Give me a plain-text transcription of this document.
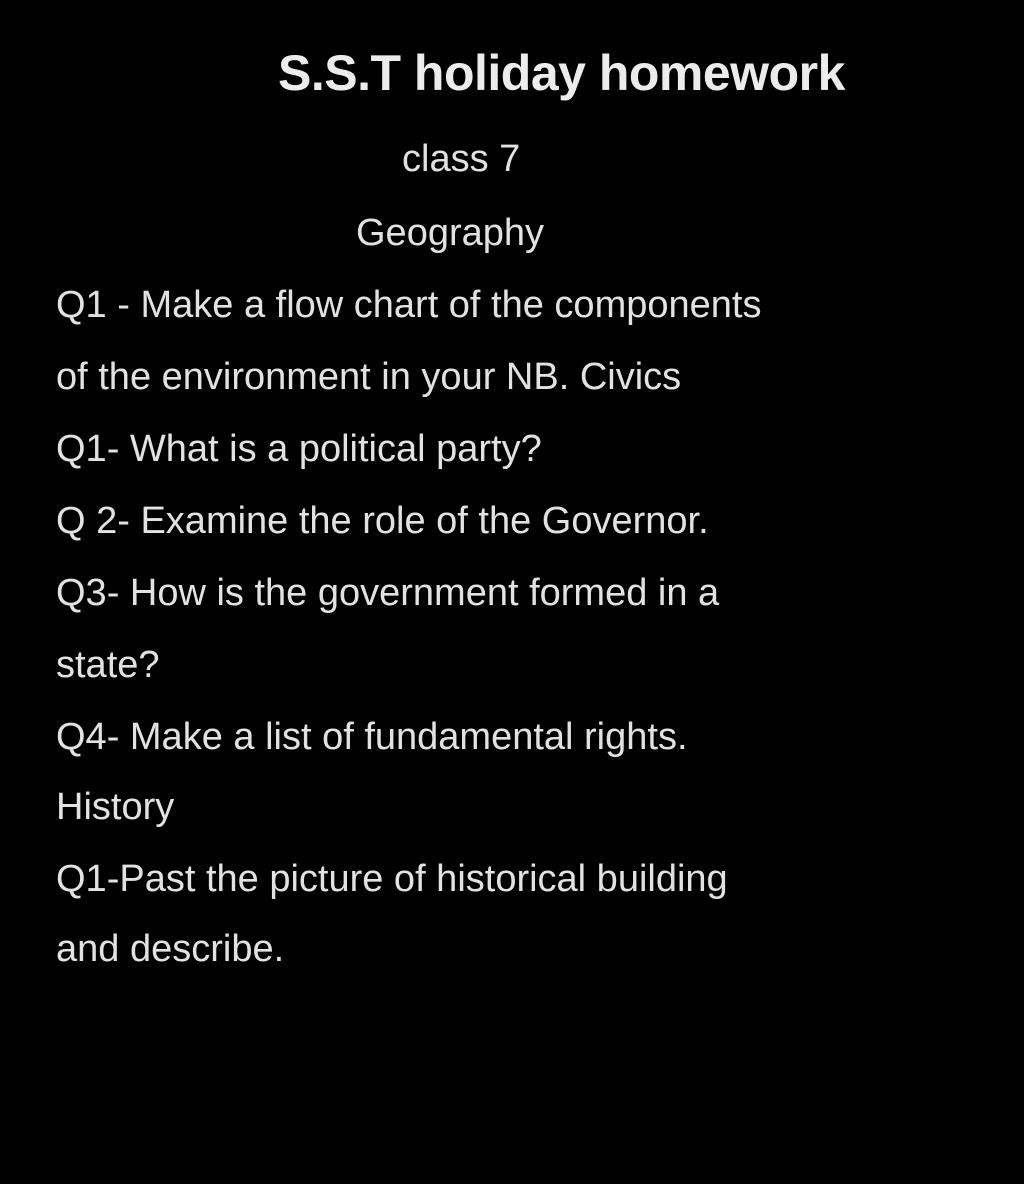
S.S.T holiday homework
class 7
Geography
Q1 - Make a flow chart of the components
of the environment in your NB. Civics
Q1- What is a political party?
Q 2- Examine the role of the Governor.
Q3- How is the government formed in a
state?
Q4- Make a list of fundamental rights.
History
Q1-Past the picture of historical building
and describe.
